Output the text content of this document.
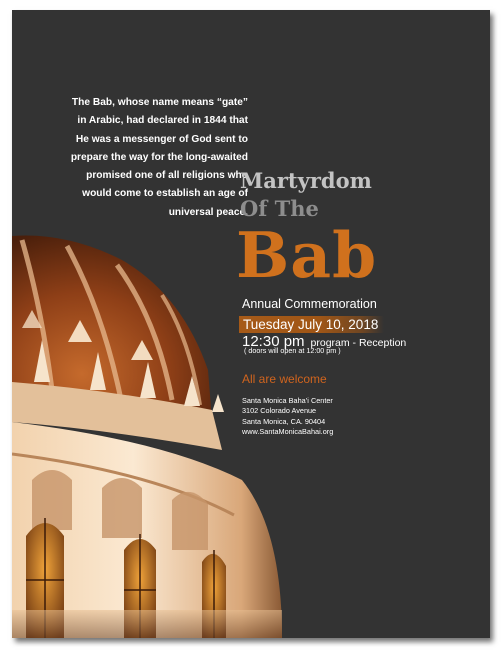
The Bab, whose name means “gate”
in Arabic, had declared in 1844 that
He was a messenger of God sent to
prepare the way for the long-awaited
promised one of all religions who
would come to establish an age of
universal peace.
Martyrdom
Of The
Bab
Annual Commemoration
Tuesday July 10, 2018
12:30 pm program - Reception
( doors will open at 12:00 pm )
All are welcome
Santa Monica Baha’i Center
3102 Colorado Avenue
Santa Monica, CA. 90404
www.SantaMonicaBahai.org
